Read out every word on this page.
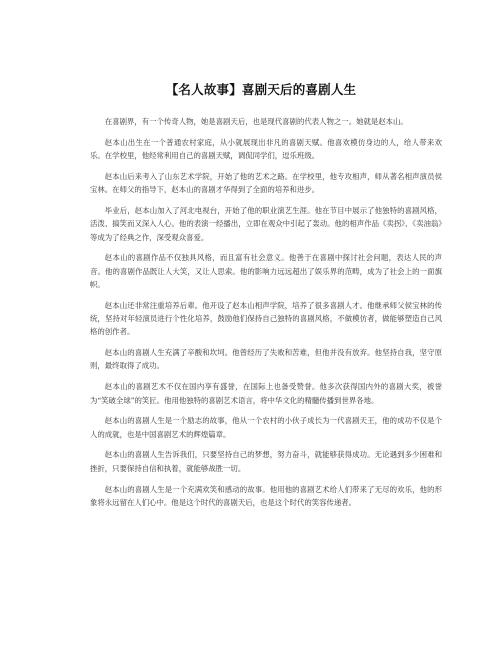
【名人故事】喜剧天后的喜剧人生

在喜剧界，有一个传奇人物，她是喜剧天后，也是现代喜剧的代表人物之一。她就是赵本山。

赵本山出生在一个普通农村家庭，从小就展现出非凡的喜剧天赋。他喜欢模仿身边的人，给人带来欢乐。在学校里，他经常利用自己的喜剧天赋，调侃同学们，逗乐班级。

赵本山后来考入了山东艺术学院，开始了他的艺术之路。在学校里，他专攻相声，师从著名相声演员侯宝林。在师父的指导下，赵本山的喜剧才华得到了全面的培养和进步。

毕业后，赵本山加入了河北电视台，开始了他的职业演艺生涯。他在节目中展示了他独特的喜剧风格，活泼、搞笑而又深入人心。他的表演一经播出，立即在观众中引起了轰动。他的相声作品《卖拐》、《卖油翁》等成为了经典之作，深受观众喜爱。

赵本山的喜剧作品不仅独具风格，而且富有社会意义。他善于在喜剧中探讨社会问题，表达人民的声音。他的喜剧作品既让人大笑，又让人思索。他的影响力远远超出了娱乐界的范畴，成为了社会上的一面旗帜。

赵本山还非常注重培养后辈。他开设了赵本山相声学院，培养了很多喜剧人才。他继承师父侯宝林的传统，坚持对年轻演员进行个性化培养，鼓励他们保持自己独特的喜剧风格，不做模仿者，做能够塑造自己风格的创作者。

赵本山的喜剧人生充满了辛酸和坎坷。他曾经历了失败和苦难，但他并没有放弃。他坚持自我，坚守原则，最终取得了成功。

赵本山的喜剧艺术不仅在国内享有盛誉，在国际上也备受赞誉。他多次获得国内外的喜剧大奖，被誉为“笑破全球”的笑匠。他用他独特的喜剧艺术语言，将中华文化的精髓传播到世界各地。

赵本山的喜剧人生是一个励志的故事，他从一个农村的小伙子成长为一代喜剧天王，他的成功不仅是个人的成就，也是中国喜剧艺术的辉煌篇章。

赵本山的喜剧人生告诉我们，只要坚持自己的梦想，努力奋斗，就能够获得成功。无论遇到多少困难和挫折，只要保持自信和执着，就能够战胜一切。

赵本山的喜剧人生是一个充满欢笑和感动的故事。他用他的喜剧艺术给人们带来了无尽的欢乐，他的形象将永远留在人们心中。他是这个时代的喜剧天后，也是这个时代的笑容传递者。
